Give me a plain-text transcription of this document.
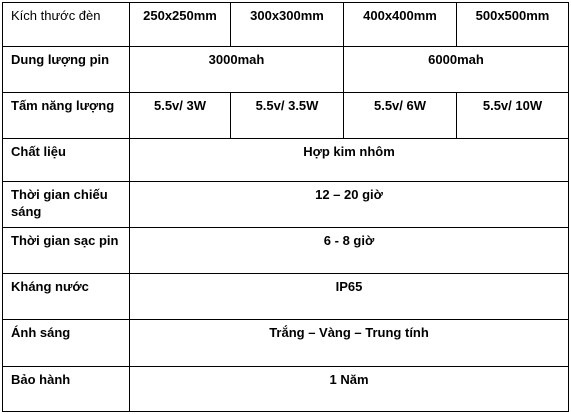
Kích thước đèn	250x250mm	300x300mm	400x400mm	500x500mm
Dung lượng pin	3000mah		6000mah	
Tấm năng lượng	5.5v/ 3W	5.5v/ 3.5W	5.5v/ 6W	5.5v/ 10W
Chất liệu	Hợp kim nhôm			
Thời gian chiếu sáng	12 – 20 giờ			
Thời gian sạc pin	6 - 8 giờ			
Kháng nước	IP65			
Ánh sáng	Trắng – Vàng – Trung tính			
Bảo hành	1 Năm			
